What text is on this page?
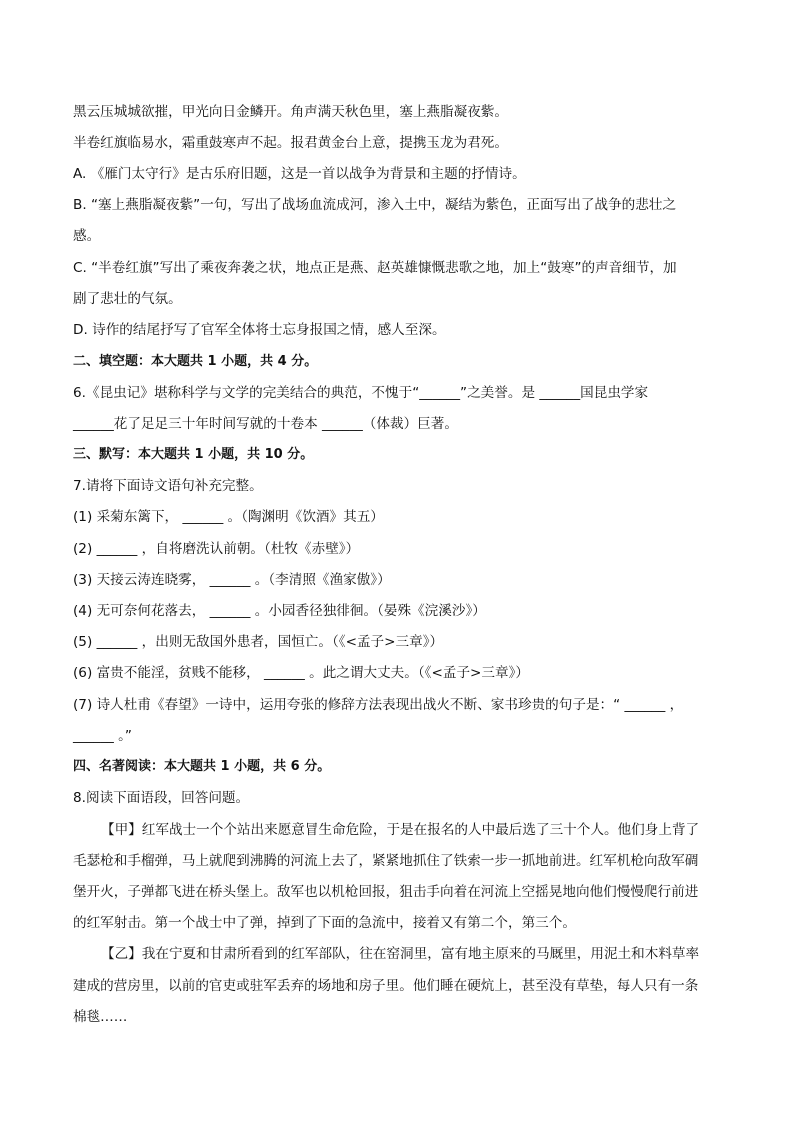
黑云压城城欲摧，甲光向日金鳞开。角声满天秋色里，塞上燕脂凝夜紫。
半卷红旗临易水，霜重鼓寒声不起。报君黄金台上意，提携玉龙为君死。
A. 《雁门太守行》是古乐府旧题，这是一首以战争为背景和主题的抒情诗。
B. “塞上燕脂凝夜紫”一句，写出了战场血流成河，渗入土中，凝结为紫色，正面写出了战争的悲壮之
感。
C. “半卷红旗”写出了乘夜奔袭之状，地点正是燕、赵英雄慷慨悲歌之地，加上“鼓寒”的声音细节，加
剧了悲壮的气氛。
D. 诗作的结尾抒写了官军全体将士忘身报国之情，感人至深。
二、填空题：本大题共 1 小题，共 4 分。
6.《昆虫记》堪称科学与文学的完美结合的典范，不愧于“______”之美誉。是 ______国昆虫学家
______花了足足三十年时间写就的十卷本 ______（体裁）巨著。
三、默写：本大题共 1 小题，共 10 分。
7.请将下面诗文语句补充完整。
(1) 采菊东篱下， ______ 。（陶渊明《饮酒》其五）
(2) ______ ，自将磨洗认前朝。（杜牧《赤壁》）
(3) 天接云涛连晓雾， ______ 。（李清照《渔家傲》）
(4) 无可奈何花落去， ______ 。小园香径独徘徊。（晏殊《浣溪沙》）
(5) ______ ，出则无敌国外患者，国恒亡。（《<孟子>三章》）
(6) 富贵不能淫，贫贱不能移， ______ 。此之谓大丈夫。（《<孟子>三章》）
(7) 诗人杜甫《春望》一诗中，运用夸张的修辞方法表现出战火不断、家书珍贵的句子是：“ ______ ，
______ 。”
四、名著阅读：本大题共 1 小题，共 6 分。
8.阅读下面语段，回答问题。
【甲】红军战士一个个站出来愿意冒生命危险，于是在报名的人中最后选了三十个人。他们身上背了
毛瑟枪和手榴弹，马上就爬到沸腾的河流上去了，紧紧地抓住了铁索一步一抓地前进。红军机枪向敌军碉
堡开火，子弹都飞进在桥头堡上。敌军也以机枪回报，狙击手向着在河流上空摇晃地向他们慢慢爬行前进
的红军射击。第一个战士中了弹，掉到了下面的急流中，接着又有第二个，第三个。
【乙】我在宁夏和甘肃所看到的红军部队，往在窑洞里，富有地主原来的马厩里，用泥土和木料草率
建成的营房里，以前的官吏或驻军丢弃的场地和房子里。他们睡在硬炕上，甚至没有草垫，每人只有一条
棉毯……
